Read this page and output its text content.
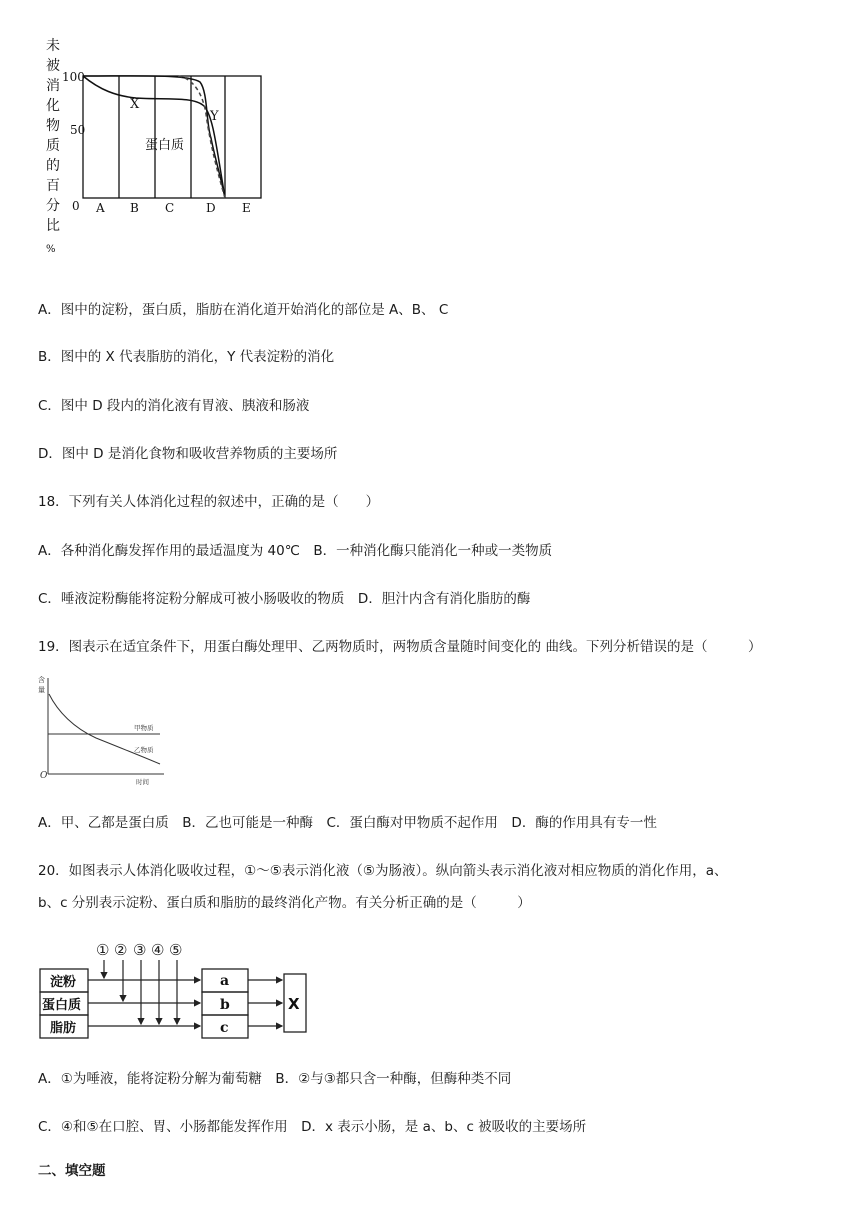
未
被
消
化
物
质
的
百
分
比
%
100
50
0
X
Y
蛋白质
A B C	D E
A．图中的淀粉，蛋白质，脂肪在消化道开始消化的部位是 A、B、 C
B．图中的 X 代表脂肪的消化，Y 代表淀粉的消化
C．图中 D 段内的消化液有胃液、胰液和肠液
D．图中 D 是消化食物和吸收营养物质的主要场所
18．下列有关人体消化过程的叙述中，正确的是（　　）
A．各种消化酶发挥作用的最适温度为 40℃　B．一种消化酶只能消化一种或一类物质
C．唾液淀粉酶能将淀粉分解成可被小肠吸收的物质　D．胆汁内含有消化脂肪的酶
19．图表示在适宜条件下，用蛋白酶处理甲、乙两物质时，两物质含量随时间变化的 曲线。下列分析错误的是（　　　）
含
量
O
时间
甲物质
乙物质
A．甲、乙都是蛋白质　B．乙也可能是一种酶　C．蛋白酶对甲物质不起作用　D．酶的作用具有专一性
20．如图表示人体消化吸收过程，①～⑤表示消化液（⑤为肠液）。纵向箭头表示消化液对相应物质的消化作用，a、
b、c 分别表示淀粉、蛋白质和脂肪的最终消化产物。有关分析正确的是（　　　）
① ② ③ ④ ⑤
淀粉
蛋白质
脂肪
a
b
c
X
A．①为唾液，能将淀粉分解为葡萄糖　B．②与③都只含一种酶，但酶种类不同
C．④和⑤在口腔、胃、小肠都能发挥作用　D．x 表示小肠，是 a、b、c 被吸收的主要场所
二、填空题
